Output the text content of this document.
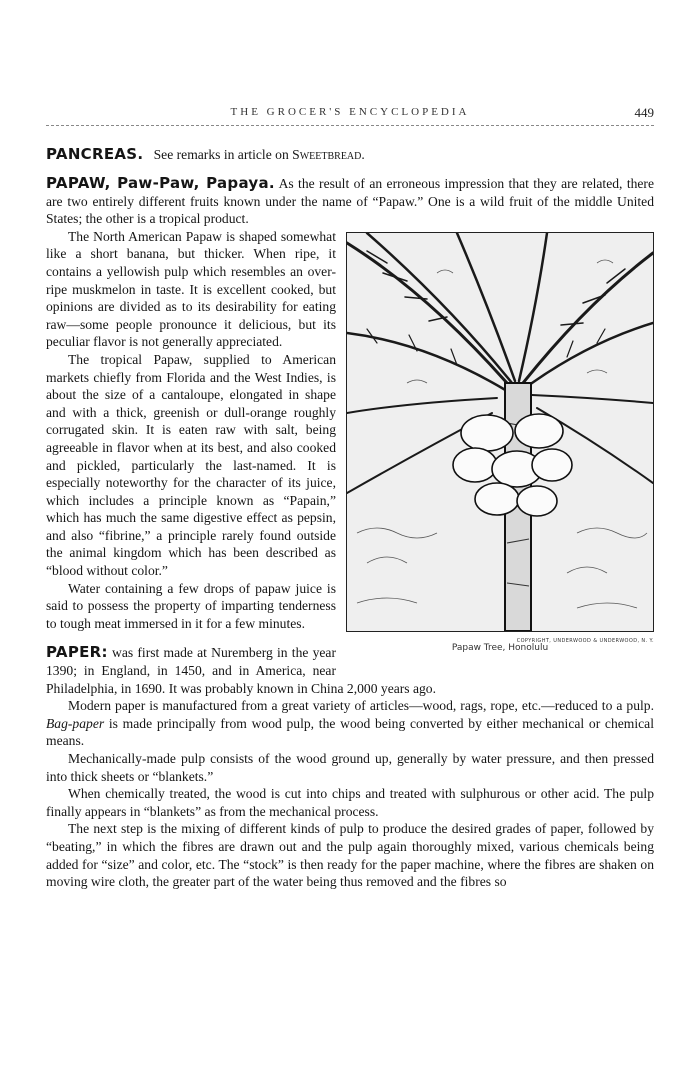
THE GROCER'S ENCYCLOPEDIA	449

PANCREAS. See remarks in article on Sweetbread.

PAPAW, Paw-Paw, Papaya. As the result of an erroneous impression that they are related, there are two entirely different fruits known under the name of “Papaw.” One is a wild fruit of the middle United States; the other is a tropical product.

COPYRIGHT, UNDERWOOD & UNDERWOOD, N. Y.
Papaw Tree, Honolulu

The North American Papaw is shaped somewhat like a short banana, but thicker. When ripe, it contains a yellowish pulp which resembles an over-ripe muskmelon in taste. It is excellent cooked, but opinions are divided as to its desirability for eating raw—some people pronounce it delicious, but its peculiar flavor is not generally appreciated.

The tropical Papaw, supplied to American markets chiefly from Florida and the West Indies, is about the size of a cantaloupe, elongated in shape and with a thick, greenish or dull-orange roughly corrugated skin. It is eaten raw with salt, being agreeable in flavor when at its best, and also cooked and pickled, particularly the last-named. It is especially noteworthy for the character of its juice, which includes a principle known as “Papain,” which has much the same digestive effect as pepsin, and also “fibrine,” a principle rarely found outside the animal kingdom which has been described as “blood without color.”

Water containing a few drops of papaw juice is said to possess the property of imparting tenderness to tough meat immersed in it for a few minutes.

PAPER: was first made at Nuremberg in the year 1390; in England, in 1450, and in America, near Philadelphia, in 1690. It was probably known in China 2,000 years ago.

Modern paper is manufactured from a great variety of articles—wood, rags, rope, etc.—reduced to a pulp. Bag-paper is made principally from wood pulp, the wood being converted by either mechanical or chemical means.

Mechanically-made pulp consists of the wood ground up, generally by water pressure, and then pressed into thick sheets or “blankets.”

When chemically treated, the wood is cut into chips and treated with sulphurous or other acid. The pulp finally appears in “blankets” as from the mechanical process.

The next step is the mixing of different kinds of pulp to produce the desired grades of paper, followed by “beating,” in which the fibres are drawn out and the pulp again thoroughly mixed, various chemicals being added for “size” and color, etc. The “stock” is then ready for the paper machine, where the fibres are shaken on moving wire cloth, the greater part of the water being thus removed and the fibres so
